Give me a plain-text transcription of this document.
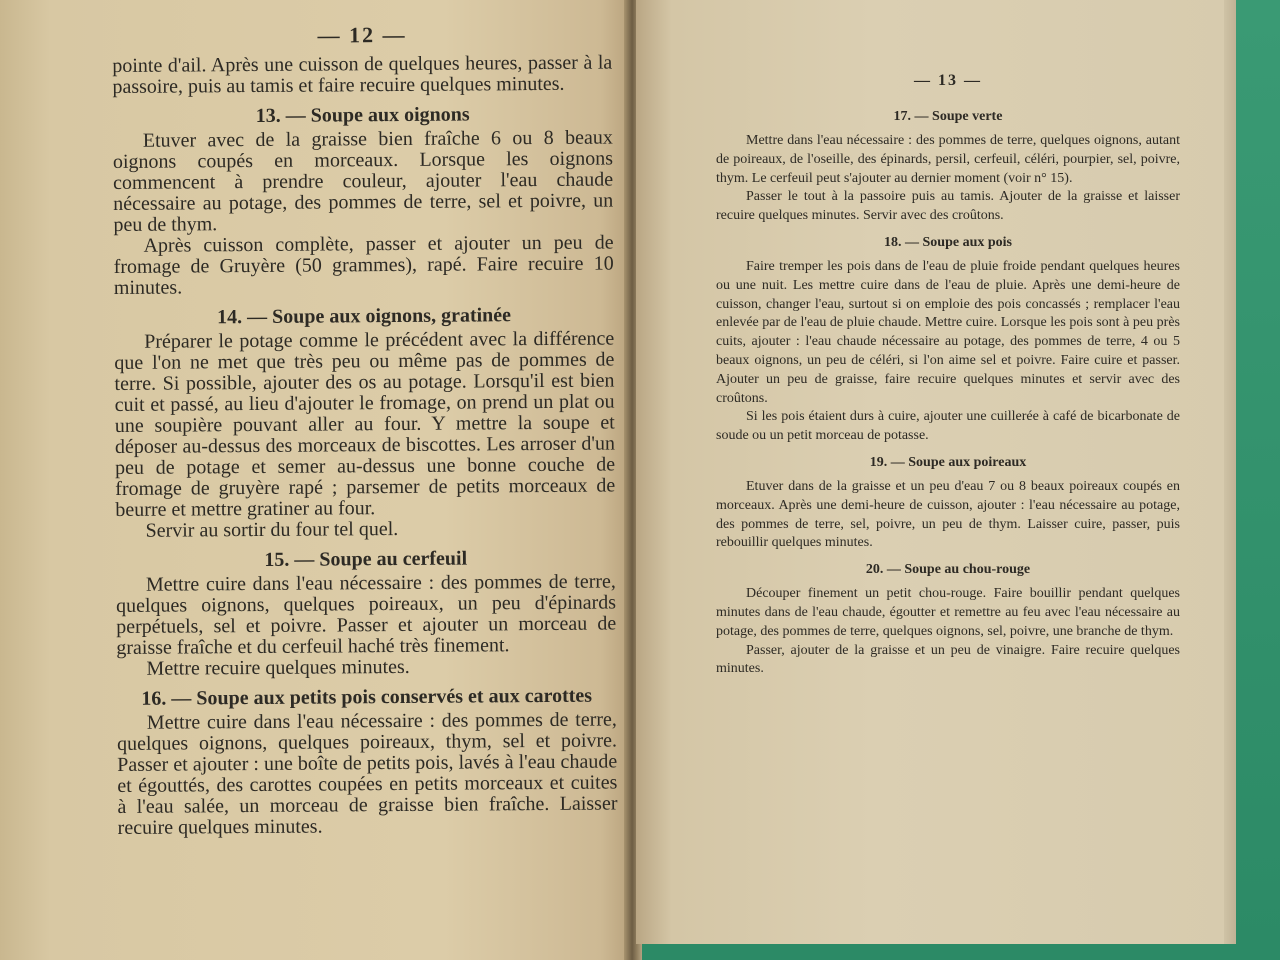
— 12 —

pointe d'ail. Après une cuisson de quelques heures, passer à la passoire, puis au tamis et faire recuire quelques minutes.

13. — Soupe aux oignons

Etuver avec de la graisse bien fraîche 6 ou 8 beaux oignons coupés en morceaux. Lorsque les oignons commencent à prendre couleur, ajouter l'eau chaude nécessaire au potage, des pommes de terre, sel et poivre, un peu de thym.

Après cuisson complète, passer et ajouter un peu de fromage de Gruyère (50 grammes), rapé. Faire recuire 10 minutes.

14. — Soupe aux oignons, gratinée

Préparer le potage comme le précédent avec la différence que l'on ne met que très peu ou même pas de pommes de terre. Si possible, ajouter des os au potage. Lorsqu'il est bien cuit et passé, au lieu d'ajouter le fromage, on prend un plat ou une soupière pouvant aller au four. Y mettre la soupe et déposer au-dessus des morceaux de biscottes. Les arroser d'un peu de potage et semer au-dessus une bonne couche de fromage de gruyère rapé ; parsemer de petits morceaux de beurre et mettre gratiner au four.

Servir au sortir du four tel quel.

15. — Soupe au cerfeuil

Mettre cuire dans l'eau nécessaire : des pommes de terre, quelques oignons, quelques poireaux, un peu d'épinards perpétuels, sel et poivre. Passer et ajouter un morceau de graisse fraîche et du cerfeuil haché très finement.

Mettre recuire quelques minutes.

16. — Soupe aux petits pois conservés et aux carottes

Mettre cuire dans l'eau nécessaire : des pommes de terre, quelques oignons, quelques poireaux, thym, sel et poivre. Passer et ajouter : une boîte de petits pois, lavés à l'eau chaude et égouttés, des carottes coupées en petits morceaux et cuites à l'eau salée, un morceau de graisse bien fraîche. Laisser recuire quelques minutes.

— 13 —
17. — Soupe verte

Mettre dans l'eau nécessaire : des pommes de terre, quelques oignons, autant de poireaux, de l'oseille, des épinards, persil, cerfeuil, céléri, pourpier, sel, poivre, thym. Le cerfeuil peut s'ajouter au dernier moment (voir n° 15).

Passer le tout à la passoire puis au tamis. Ajouter de la graisse et laisser recuire quelques minutes. Servir avec des croûtons.

18. — Soupe aux pois

Faire tremper les pois dans de l'eau de pluie froide pendant quelques heures ou une nuit. Les mettre cuire dans de l'eau de pluie. Après une demi-heure de cuisson, changer l'eau, surtout si on emploie des pois concassés ; remplacer l'eau enlevée par de l'eau de pluie chaude. Mettre cuire. Lorsque les pois sont à peu près cuits, ajouter : l'eau chaude nécessaire au potage, des pommes de terre, 4 ou 5 beaux oignons, un peu de céléri, si l'on aime sel et poivre. Faire cuire et passer. Ajouter un peu de graisse, faire recuire quelques minutes et servir avec des croûtons.

Si les pois étaient durs à cuire, ajouter une cuillerée à café de bicarbonate de soude ou un petit morceau de potasse.

19. — Soupe aux poireaux

Etuver dans de la graisse et un peu d'eau 7 ou 8 beaux poireaux coupés en morceaux. Après une demi-heure de cuisson, ajouter : l'eau nécessaire au potage, des pommes de terre, sel, poivre, un peu de thym. Laisser cuire, passer, puis rebouillir quelques minutes.

20. — Soupe au chou-rouge

Découper finement un petit chou-rouge. Faire bouillir pendant quelques minutes dans de l'eau chaude, égoutter et remettre au feu avec l'eau nécessaire au potage, des pommes de terre, quelques oignons, sel, poivre, une branche de thym.

Passer, ajouter de la graisse et un peu de vinaigre. Faire recuire quelques minutes.
